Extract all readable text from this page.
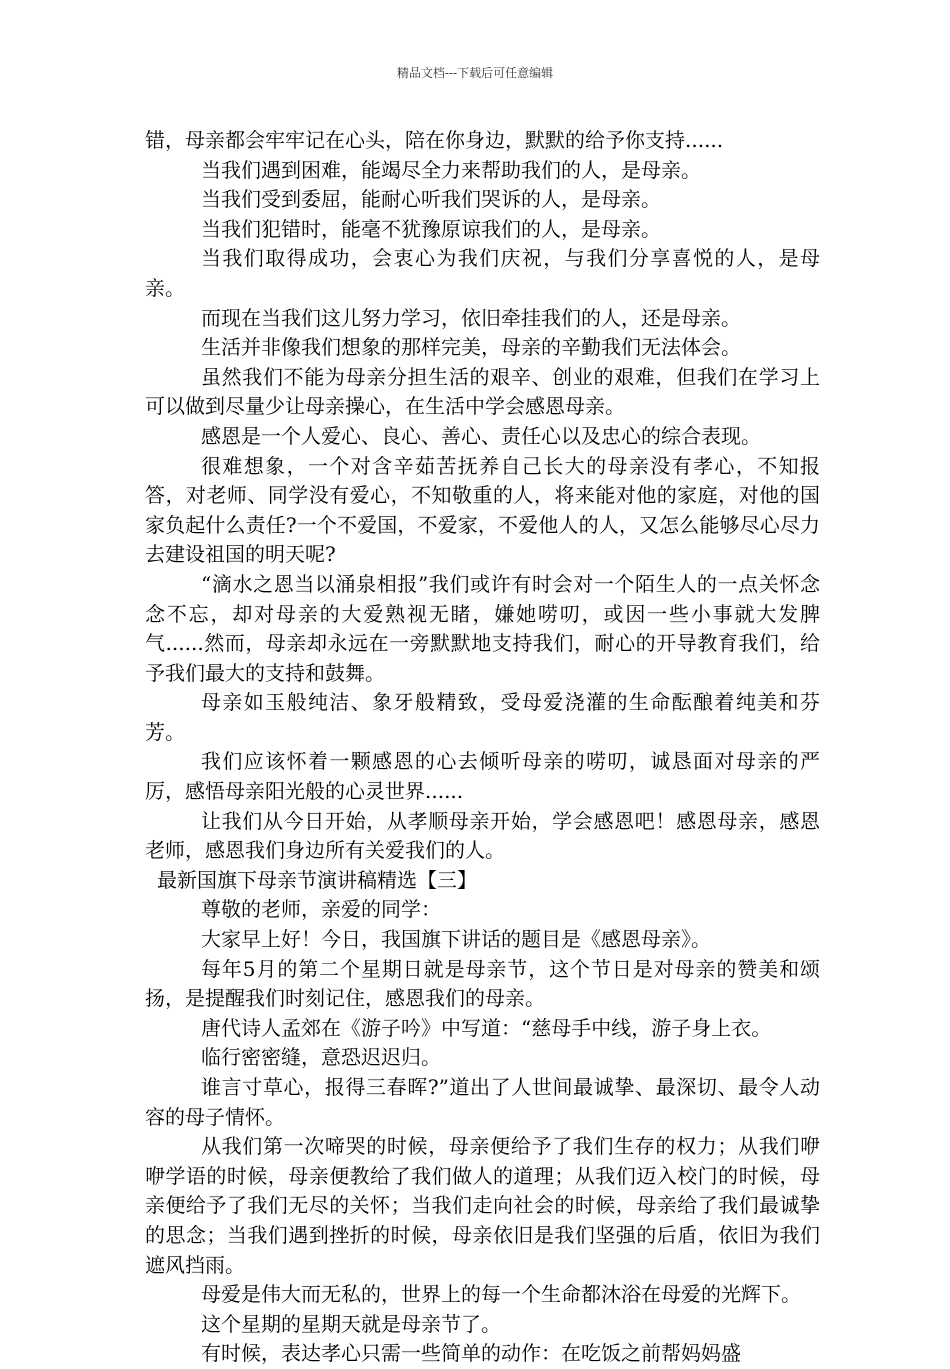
精品文档---下载后可任意编辑

错，母亲都会牢牢记在心头，陪在你身边，默默的给予你支持......

当我们遇到困难，能竭尽全力来帮助我们的人，是母亲。

当我们受到委屈，能耐心听我们哭诉的人，是母亲。

当我们犯错时，能毫不犹豫原谅我们的人，是母亲。

当我们取得成功，会衷心为我们庆祝，与我们分享喜悦的人，是母亲。

而现在当我们这儿努力学习，依旧牵挂我们的人，还是母亲。

生活并非像我们想象的那样完美，母亲的辛勤我们无法体会。

虽然我们不能为母亲分担生活的艰辛、创业的艰难，但我们在学习上可以做到尽量少让母亲操心，在生活中学会感恩母亲。

感恩是一个人爱心、良心、善心、责任心以及忠心的综合表现。

很难想象，一个对含辛茹苦抚养自己长大的母亲没有孝心，不知报答，对老师、同学没有爱心，不知敬重的人，将来能对他的家庭，对他的国家负起什么责任?一个不爱国，不爱家，不爱他人的人，又怎么能够尽心尽力去建设祖国的明天呢?

“滴水之恩当以涌泉相报”我们或许有时会对一个陌生人的一点关怀念念不忘，却对母亲的大爱熟视无睹，嫌她唠叨，或因一些小事就大发脾气......然而，母亲却永远在一旁默默地支持我们，耐心的开导教育我们，给予我们最大的支持和鼓舞。

母亲如玉般纯洁、象牙般精致，受母爱浇灌的生命酝酿着纯美和芬芳。

我们应该怀着一颗感恩的心去倾听母亲的唠叨，诚恳面对母亲的严厉，感悟母亲阳光般的心灵世界......

让我们从今日开始，从孝顺母亲开始，学会感恩吧！感恩母亲，感恩老师，感恩我们身边所有关爱我们的人。

最新国旗下母亲节演讲稿精选【三】

尊敬的老师，亲爱的同学：

大家早上好！今日，我国旗下讲话的题目是《感恩母亲》。

每年5月的第二个星期日就是母亲节，这个节日是对母亲的赞美和颂扬，是提醒我们时刻记住，感恩我们的母亲。

唐代诗人孟郊在《游子吟》中写道：“慈母手中线，游子身上衣。

临行密密缝，意恐迟迟归。

谁言寸草心，报得三春晖?”道出了人世间最诚挚、最深切、最令人动容的母子情怀。

从我们第一次啼哭的时候，母亲便给予了我们生存的权力；从我们咿咿学语的时候，母亲便教给了我们做人的道理；从我们迈入校门的时候，母亲便给予了我们无尽的关怀；当我们走向社会的时候，母亲给了我们最诚挚的思念；当我们遇到挫折的时候，母亲依旧是我们坚强的后盾，依旧为我们遮风挡雨。

母爱是伟大而无私的，世界上的每一个生命都沐浴在母爱的光辉下。

这个星期的星期天就是母亲节了。

有时候，表达孝心只需一些简单的动作：在吃饭之前帮妈妈盛
